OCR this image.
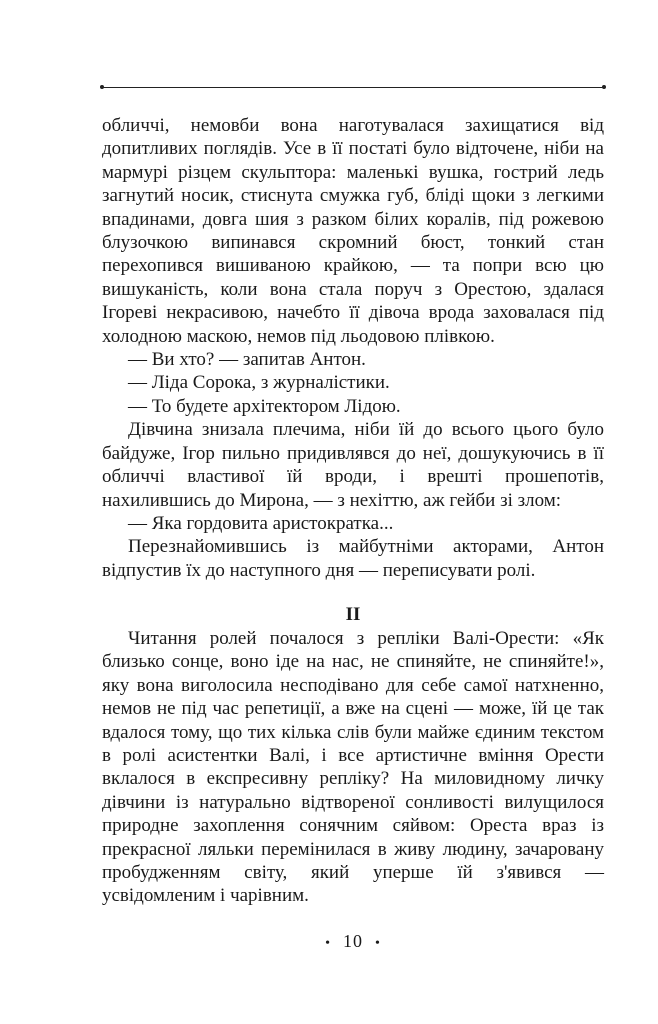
обличчі, немовби вона наготувалася захищатися від допитливих поглядів. Усе в її постаті було відточене, ніби на мармурі різцем скульптора: маленькі вушка, гострий ледь загнутий носик, стиснута смужка губ, бліді щоки з легкими впадинами, довга шия з разком білих коралів, під рожевою блузочкою випинався скромний бюст, тонкий стан перехопився вишиваною крайкою, — та попри всю цю вишуканість, коли вона стала поруч з Орестою, здалася Ігореві некрасивою, начебто її дівоча врода заховалася під холодною маскою, немов під льодовою плівкою.

— Ви хто? — запитав Антон.

— Ліда Сорока, з журналістики.

— То будете архітектором Лідою.

Дівчина знизала плечима, ніби їй до всього цього було байдуже, Ігор пильно придивлявся до неї, дошукуючись в її обличчі властивої їй вроди, і врешті прошепотів, нахилившись до Мирона, — з нехіттю, аж гейби зі злом:

— Яка гордовита аристократка...

Перезнайомившись із майбутніми акторами, Антон відпустив їх до наступного дня — переписувати ролі.

II

Читання ролей почалося з репліки Валі-Орести: «Як близько сонце, воно іде на нас, не спиняйте, не спиняйте!», яку вона виголосила несподівано для себе самої натхненно, немов не під час репетиції, а вже на сцені — може, їй це так вдалося тому, що тих кілька слів були майже єдиним текстом в ролі асистентки Валі, і все артистичне вміння Орести вклалося в експресивну репліку? На миловидному личку дівчини із натурально відтвореної сонливості вилущилося природне захоплення сонячним сяйвом: Ореста враз із прекрасної ляльки перемінилася в живу людину, зачаровану пробудженням світу, який уперше їй з'явився — усвідомленим і чарівним.

• 10 •
